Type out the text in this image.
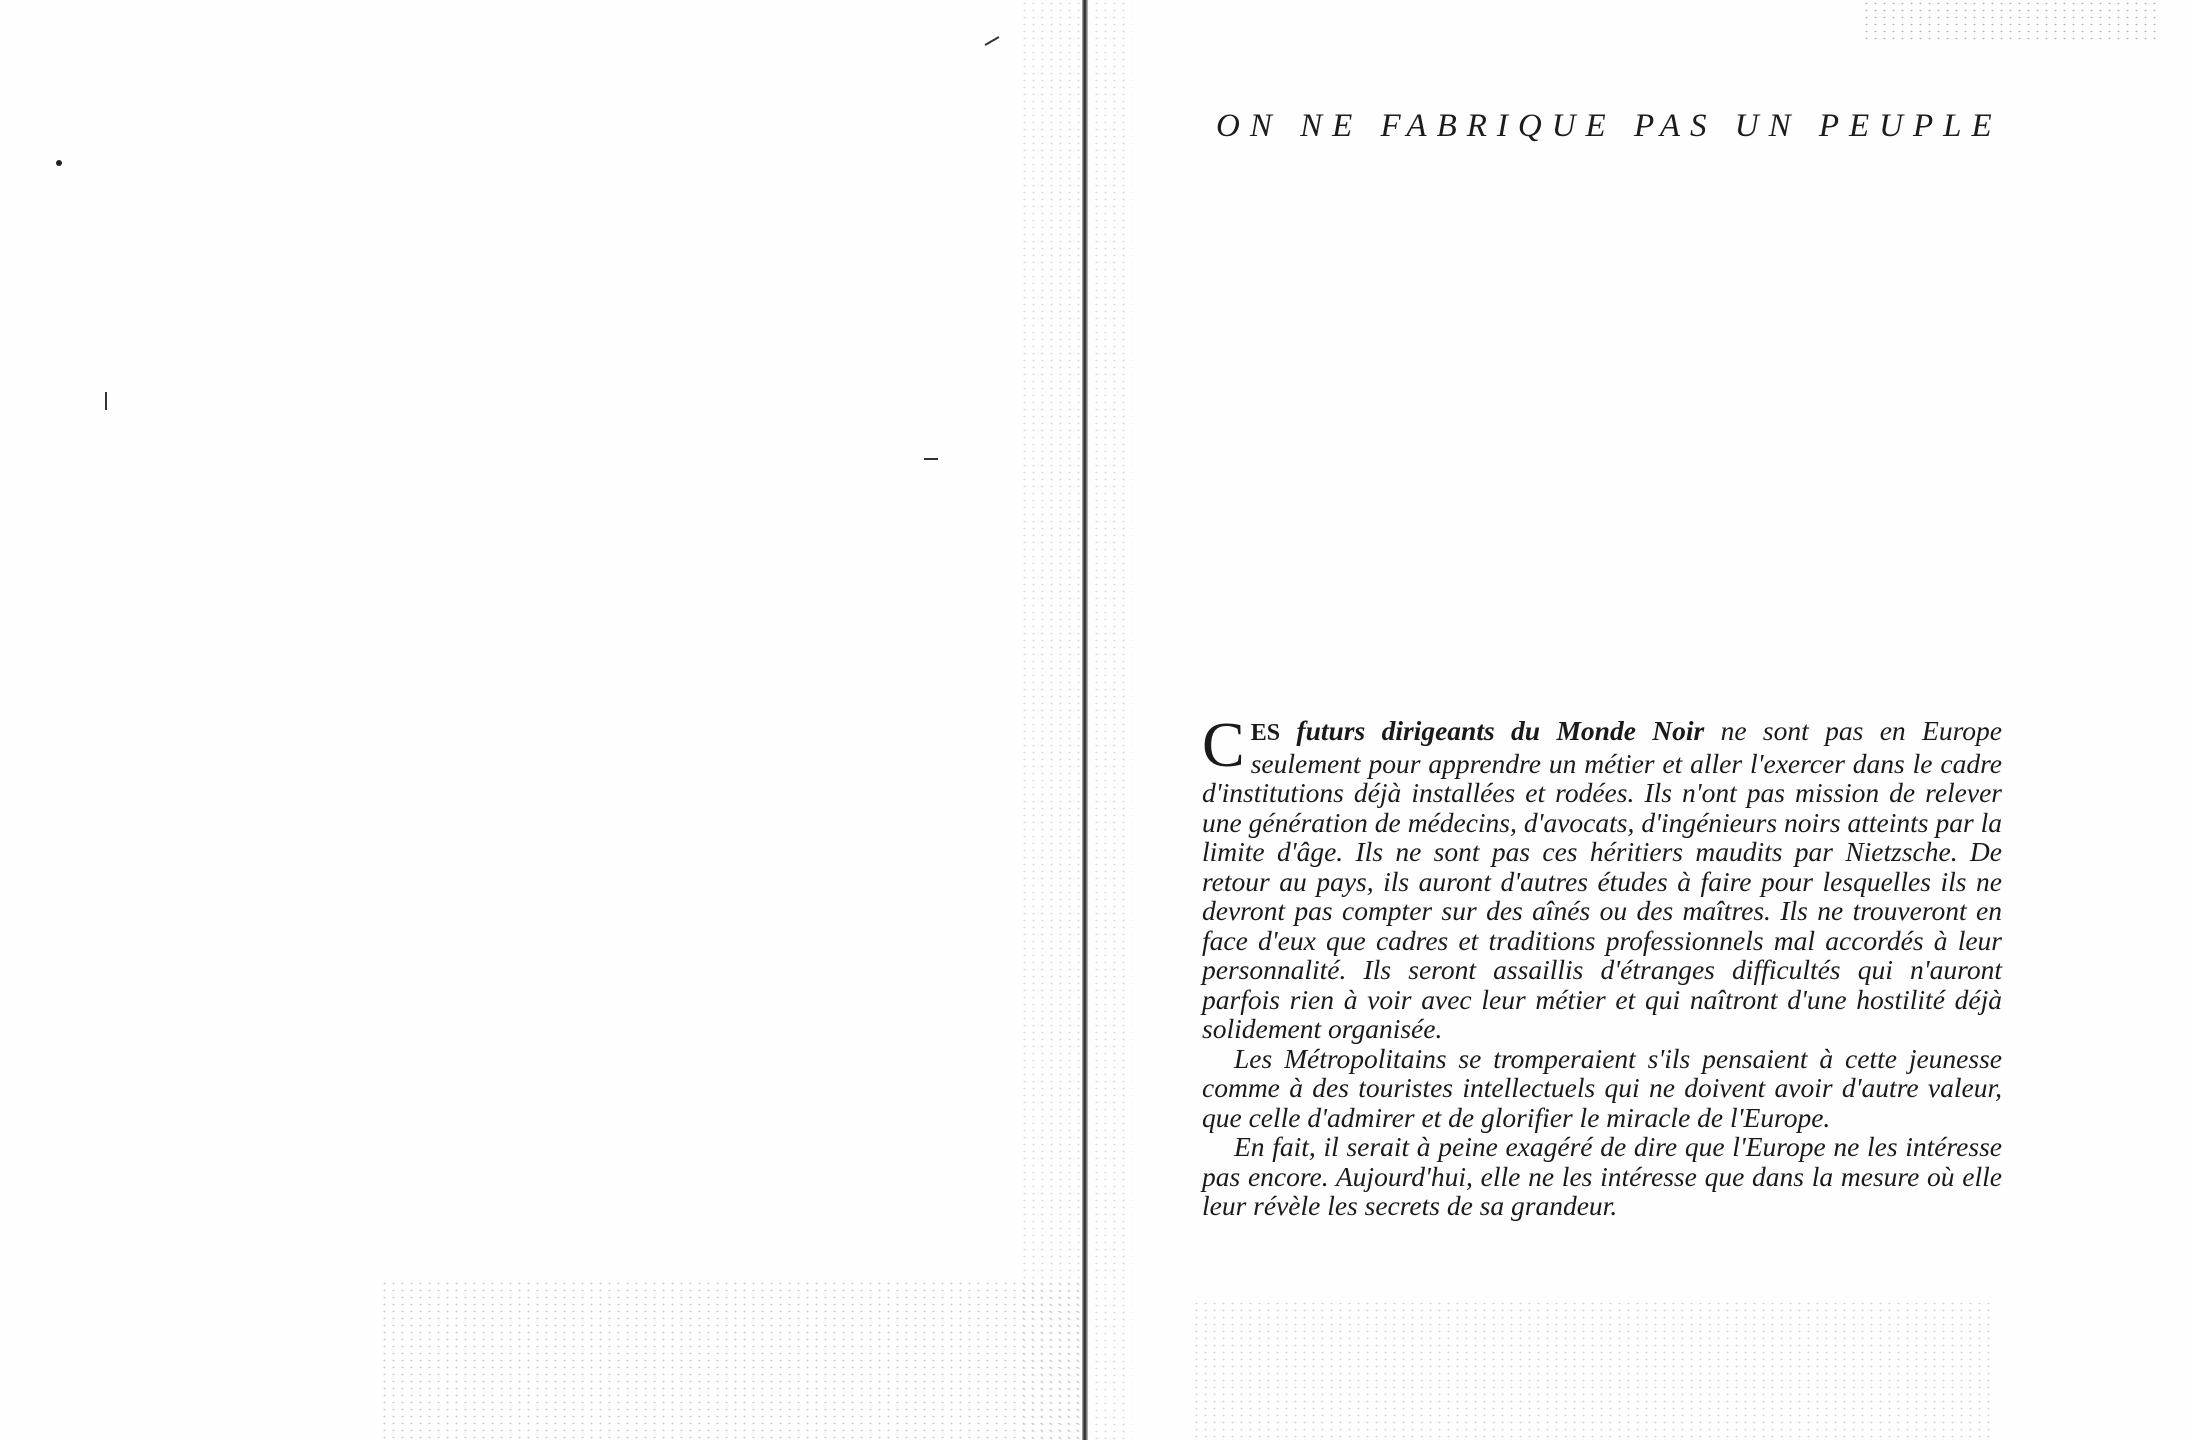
ON NE FABRIQUE PAS UN PEUPLE

CES futurs dirigeants du Monde Noir ne sont pas en Europe seulement pour apprendre un métier et aller l'exercer dans le cadre d'institutions déjà installées et rodées. Ils n'ont pas mission de relever une génération de médecins, d'avocats, d'ingénieurs noirs atteints par la limite d'âge. Ils ne sont pas ces héritiers maudits par Nietzsche. De retour au pays, ils auront d'autres études à faire pour lesquelles ils ne devront pas compter sur des aînés ou des maîtres. Ils ne trouveront en face d'eux que cadres et traditions professionnels mal accordés à leur personnalité. Ils seront assaillis d'étranges difficultés qui n'auront parfois rien à voir avec leur métier et qui naîtront d'une hostilité déjà solidement organisée.

Les Métropolitains se tromperaient s'ils pensaient à cette jeunesse comme à des touristes intellectuels qui ne doivent avoir d'autre valeur, que celle d'admirer et de glorifier le miracle de l'Europe.

En fait, il serait à peine exagéré de dire que l'Europe ne les intéresse pas encore. Aujourd'hui, elle ne les intéresse que dans la mesure où elle leur révèle les secrets de sa grandeur.
